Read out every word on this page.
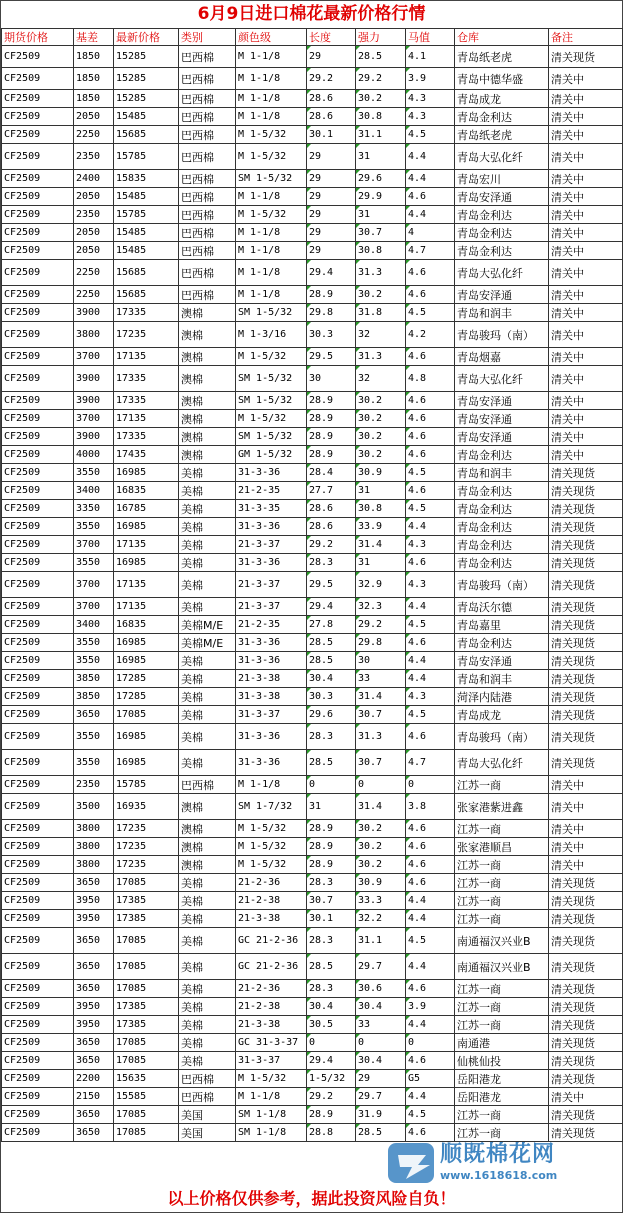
6月9日进口棉花最新价格行情
期货价格	基差	最新价格	类别	颜色级	长度	强力	马值	仓库	备注
CF2509	1850	15285	巴西棉	M 1-1/8	29	28.5	4.1	青岛纸老虎	清关现货
CF2509	1850	15285	巴西棉	M 1-1/8	29.2	29.2	3.9	青岛中德华盛	清关中
CF2509	1850	15285	巴西棉	M 1-1/8	28.6	30.2	4.3	青岛成龙	清关中
CF2509	2050	15485	巴西棉	M 1-1/8	28.6	30.8	4.3	青岛金利达	清关中
CF2509	2250	15685	巴西棉	M 1-5/32	30.1	31.1	4.5	青岛纸老虎	清关中
CF2509	2350	15785	巴西棉	M 1-5/32	29	31	4.4	青岛大弘化纤	清关中
CF2509	2400	15835	巴西棉	SM 1-5/32	29	29.6	4.4	青岛宏川	清关中
CF2509	2050	15485	巴西棉	M 1-1/8	29	29.9	4.6	青岛安泽通	清关中
CF2509	2350	15785	巴西棉	M 1-5/32	29	31	4.4	青岛金利达	清关中
CF2509	2050	15485	巴西棉	M 1-1/8	29	30.7	4	青岛金利达	清关中
CF2509	2050	15485	巴西棉	M 1-1/8	29	30.8	4.7	青岛金利达	清关中
CF2509	2250	15685	巴西棉	M 1-1/8	29.4	31.3	4.6	青岛大弘化纤	清关中
CF2509	2250	15685	巴西棉	M 1-1/8	28.9	30.2	4.6	青岛安泽通	清关中
CF2509	3900	17335	澳棉	SM 1-5/32	29.8	31.8	4.5	青岛和润丰	清关中
CF2509	3800	17235	澳棉	M 1-3/16	30.3	32	4.2	青岛骏玛（南）	清关中
CF2509	3700	17135	澳棉	M 1-5/32	29.5	31.3	4.6	青岛烟嘉	清关中
CF2509	3900	17335	澳棉	SM 1-5/32	30	32	4.8	青岛大弘化纤	清关中
CF2509	3900	17335	澳棉	SM 1-5/32	28.9	30.2	4.6	青岛安泽通	清关中
CF2509	3700	17135	澳棉	M 1-5/32	28.9	30.2	4.6	青岛安泽通	清关中
CF2509	3900	17335	澳棉	SM 1-5/32	28.9	30.2	4.6	青岛安泽通	清关中
CF2509	4000	17435	澳棉	GM 1-5/32	28.9	30.2	4.6	青岛金利达	清关中
CF2509	3550	16985	美棉	31-3-36	28.4	30.9	4.5	青岛和润丰	清关现货
CF2509	3400	16835	美棉	21-2-35	27.7	31	4.6	青岛金利达	清关现货
CF2509	3350	16785	美棉	31-3-35	28.6	30.8	4.5	青岛金利达	清关现货
CF2509	3550	16985	美棉	31-3-36	28.6	33.9	4.4	青岛金利达	清关现货
CF2509	3700	17135	美棉	21-3-37	29.2	31.4	4.3	青岛金利达	清关现货
CF2509	3550	16985	美棉	31-3-36	28.3	31	4.6	青岛金利达	清关现货
CF2509	3700	17135	美棉	21-3-37	29.5	32.9	4.3	青岛骏玛（南）	清关现货
CF2509	3700	17135	美棉	21-3-37	29.4	32.3	4.4	青岛沃尔德	清关现货
CF2509	3400	16835	美棉M/E	21-2-35	27.8	29.2	4.5	青岛嘉里	清关现货
CF2509	3550	16985	美棉M/E	31-3-36	28.5	29.8	4.6	青岛金利达	清关现货
CF2509	3550	16985	美棉	31-3-36	28.5	30	4.4	青岛安泽通	清关现货
CF2509	3850	17285	美棉	21-3-38	30.4	33	4.4	青岛和润丰	清关现货
CF2509	3850	17285	美棉	31-3-38	30.3	31.4	4.3	菏泽内陆港	清关现货
CF2509	3650	17085	美棉	31-3-37	29.6	30.7	4.5	青岛成龙	清关现货
CF2509	3550	16985	美棉	31-3-36	28.3	31.3	4.6	青岛骏玛（南）	清关现货
CF2509	3550	16985	美棉	31-3-36	28.5	30.7	4.7	青岛大弘化纤	清关现货
CF2509	2350	15785	巴西棉	M 1-1/8	0	0	0	江苏一商	清关中
CF2509	3500	16935	澳棉	SM 1-7/32	31	31.4	3.8	张家港紫进鑫	清关中
CF2509	3800	17235	澳棉	M 1-5/32	28.9	30.2	4.6	江苏一商	清关中
CF2509	3800	17235	澳棉	M 1-5/32	28.9	30.2	4.6	张家港顺昌	清关中
CF2509	3800	17235	澳棉	M 1-5/32	28.9	30.2	4.6	江苏一商	清关中
CF2509	3650	17085	美棉	21-2-36	28.3	30.9	4.6	江苏一商	清关现货
CF2509	3950	17385	美棉	21-2-38	30.7	33.3	4.4	江苏一商	清关现货
CF2509	3950	17385	美棉	21-3-38	30.1	32.2	4.4	江苏一商	清关现货
CF2509	3650	17085	美棉	GC 21-2-36	28.3	31.1	4.5	南通福汉兴业B	清关现货
CF2509	3650	17085	美棉	GC 21-2-36	28.5	29.7	4.4	南通福汉兴业B	清关现货
CF2509	3650	17085	美棉	21-2-36	28.3	30.6	4.6	江苏一商	清关现货
CF2509	3950	17385	美棉	21-2-38	30.4	30.4	3.9	江苏一商	清关现货
CF2509	3950	17385	美棉	21-3-38	30.5	33	4.4	江苏一商	清关现货
CF2509	3650	17085	美棉	GC 31-3-37	0	0	0	南通港	清关现货
CF2509	3650	17085	美棉	31-3-37	29.4	30.4	4.6	仙桃仙投	清关现货
CF2509	2200	15635	巴西棉	M 1-5/32	1-5/32	29	G5	岳阳港龙	清关现货
CF2509	2150	15585	巴西棉	M 1-1/8	29.2	29.7	4.4	岳阳港龙	清关中
CF2509	3650	17085	美国	SM 1-1/8	28.9	31.9	4.5	江苏一商	清关现货
CF2509	3650	17085	美国	SM 1-1/8	28.8	28.5	4.6	江苏一商	清关现货
顺既棉花网
www.1618618.com
以上价格仅供参考，据此投资风险自负！
